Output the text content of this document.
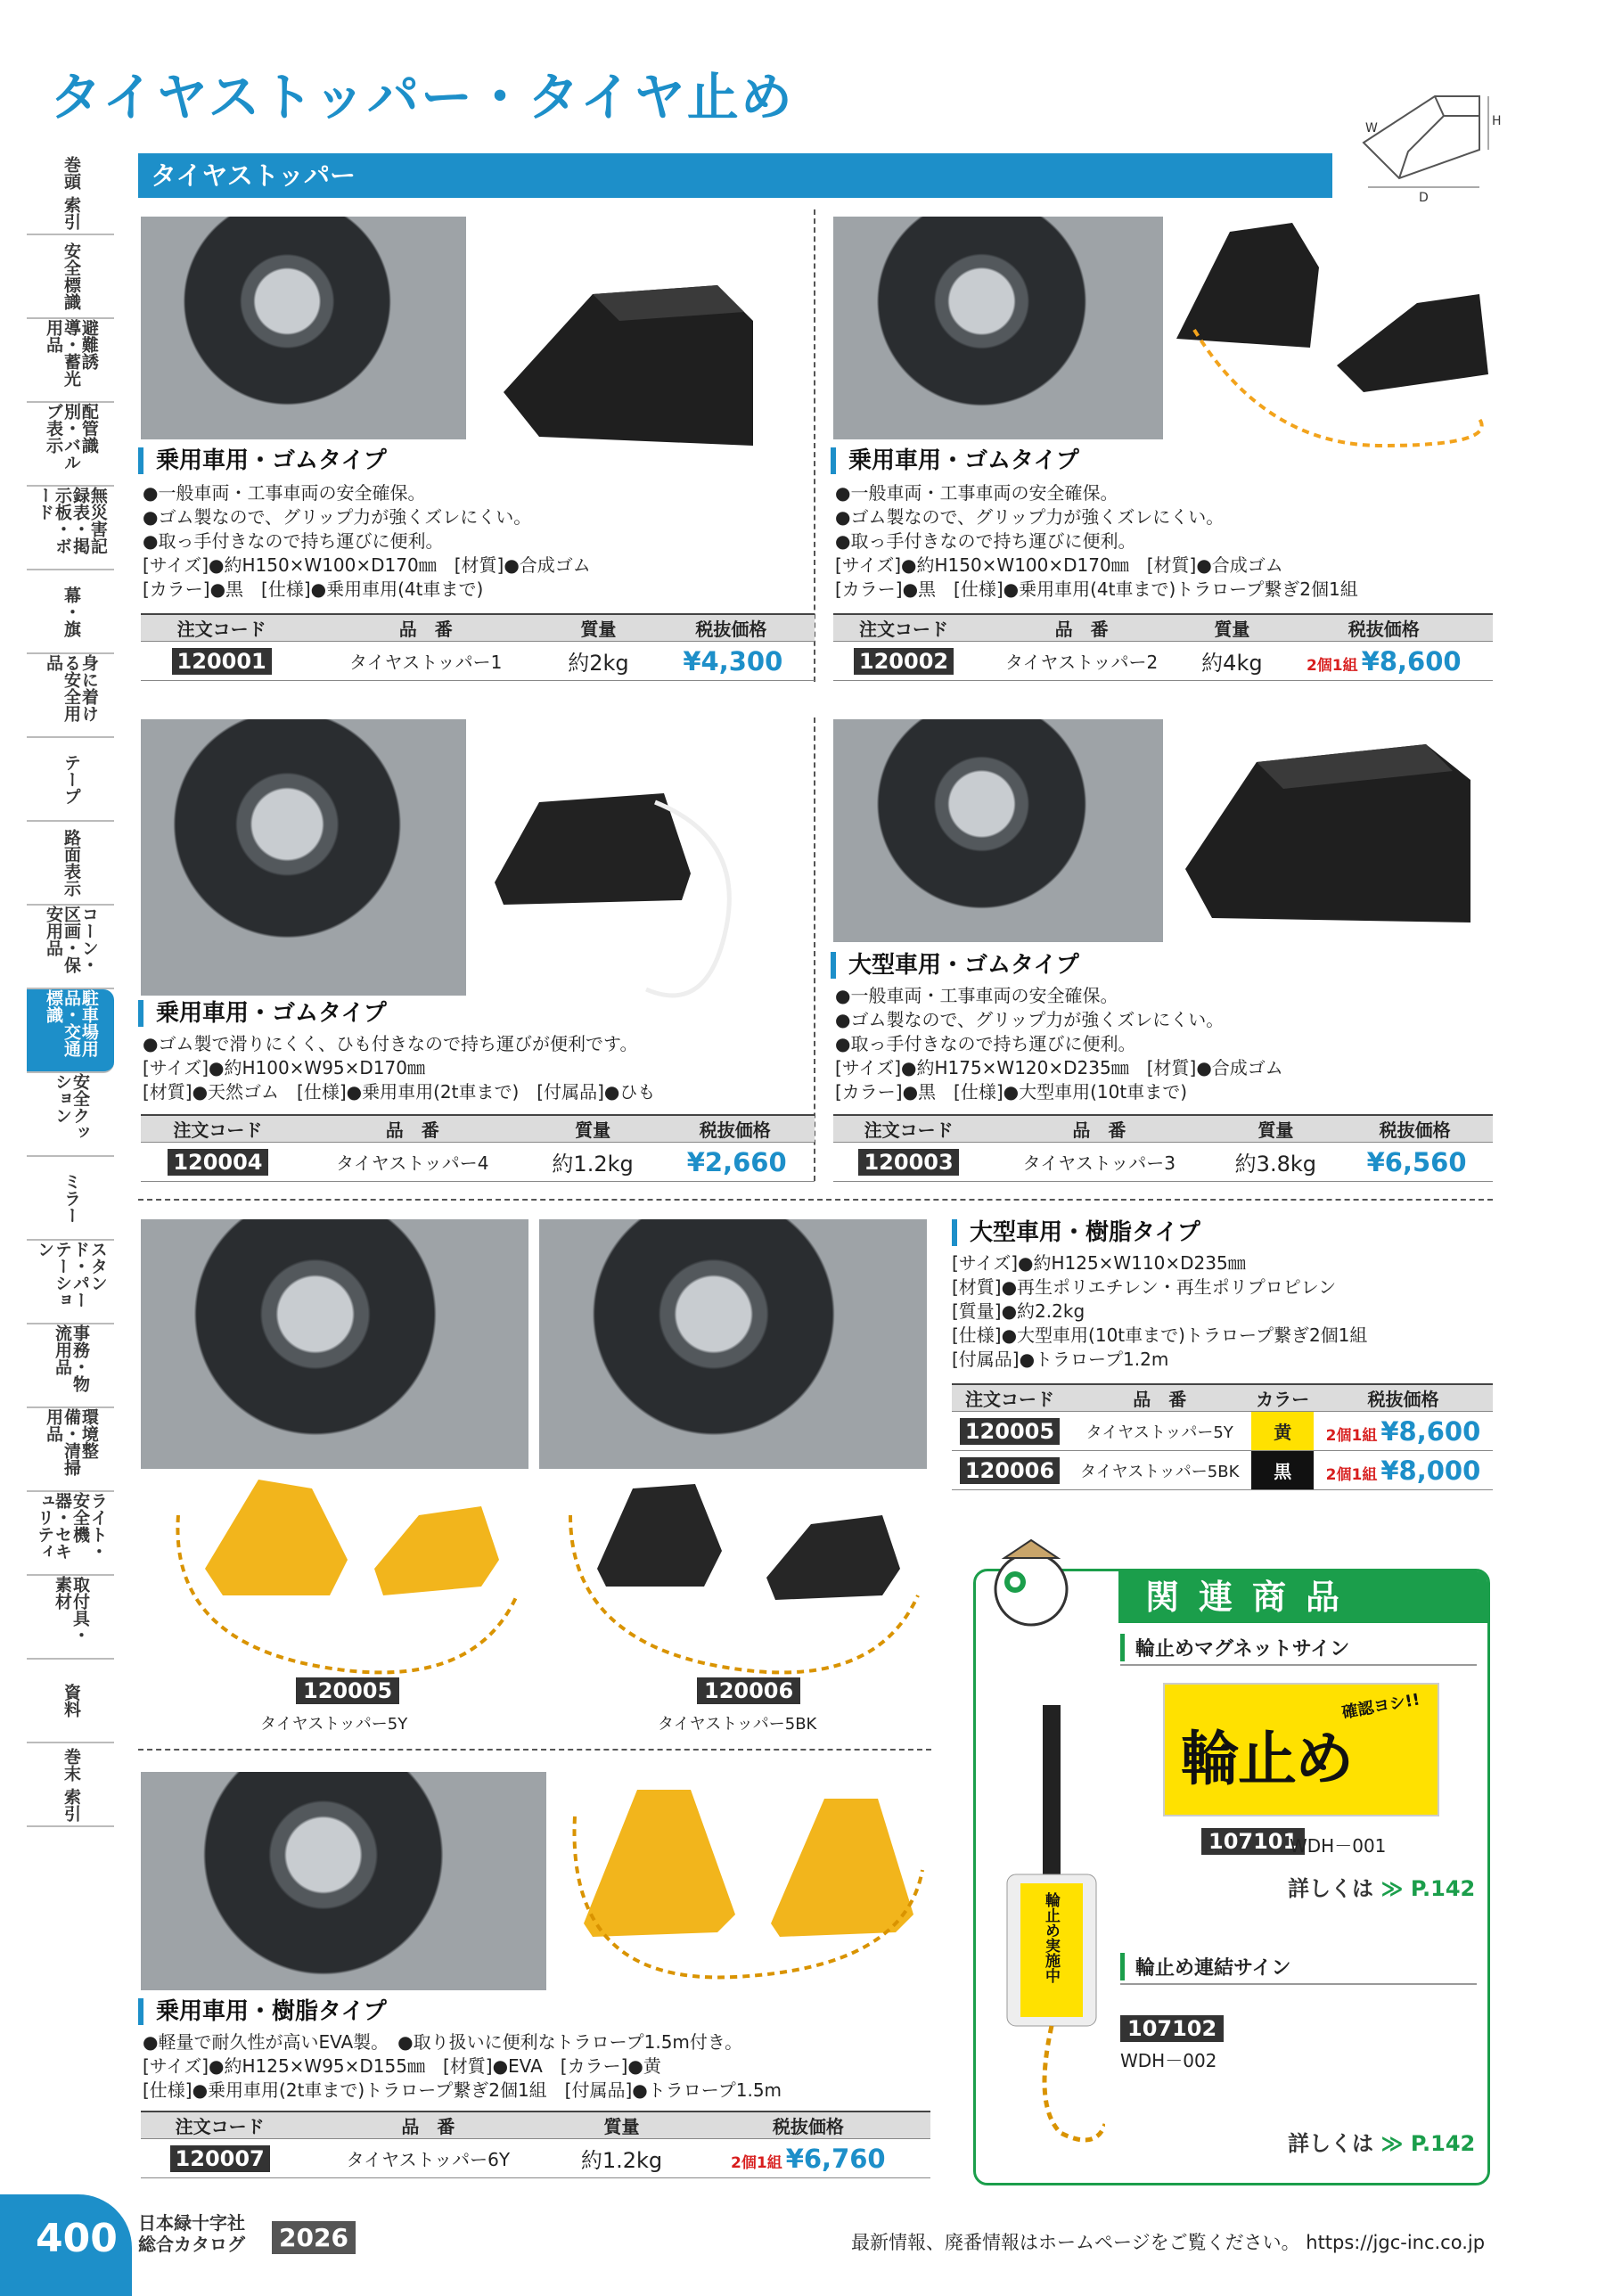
タイヤストッパー・タイヤ止め	H
D
W
巻頭 索引
安全標識
避難誘導・蓄光用品
配管識別・バルブ表示
無災害記録表・掲示板・ボード
幕・旗
身に着ける安全用品
テープ
路面表示
コーン・区画・保安用品
駐車場用品・交通標識
安全クッション
ミラー
スタンド・パーテーション
事務・物流用品
環境整備・清掃用品
ライト・安全機器・セキュリティ
取付具・素材
資料
巻末 索引
タイヤストッパー
乗用車用・ゴムタイプ
●一般車両・工事車両の安全確保。
●ゴム製なので、グリップ力が強くズレにくい。
●取っ手付きなので持ち運びに便利。
[サイズ]●約H150×W100×D170㎜　[材質]●合成ゴム
[カラー]●黒　[仕様]●乗用車用(4t車まで)
注文コード	品　番	質量	税抜価格
120001	タイヤストッパー1	約2kg	¥4,300
乗用車用・ゴムタイプ
●一般車両・工事車両の安全確保。
●ゴム製なので、グリップ力が強くズレにくい。
●取っ手付きなので持ち運びに便利。
[サイズ]●約H150×W100×D170㎜　[材質]●合成ゴム
[カラー]●黒　[仕様]●乗用車用(4t車まで)トラロープ繋ぎ2個1組
注文コード	品　番	質量	税抜価格
120002	タイヤストッパー2	約4kg	2個1組 ¥8,600
乗用車用・ゴムタイプ
●ゴム製で滑りにくく、ひも付きなので持ち運びが便利です。
[サイズ]●約H100×W95×D170㎜
[材質]●天然ゴム　[仕様]●乗用車用(2t車まで)　[付属品]●ひも
注文コード	品　番	質量	税抜価格
120004	タイヤストッパー4	約1.2kg	¥2,660
大型車用・ゴムタイプ
●一般車両・工事車両の安全確保。
●ゴム製なので、グリップ力が強くズレにくい。
●取っ手付きなので持ち運びに便利。
[サイズ]●約H175×W120×D235㎜　[材質]●合成ゴム
[カラー]●黒　[仕様]●大型車用(10t車まで)
注文コード	品　番	質量	税抜価格
120003	タイヤストッパー3	約3.8kg	¥6,560
120005
タイヤストッパー5Y
120006
タイヤストッパー5BK
大型車用・樹脂タイプ
[サイズ]●約H125×W110×D235㎜
[材質]●再生ポリエチレン・再生ポリプロピレン
[質量]●約2.2kg
[仕様]●大型車用(10t車まで)トラロープ繋ぎ2個1組
[付属品]●トラロープ1.2m
注文コード	品　番	カラー	税抜価格
120005	タイヤストッパー5Y	黄	2個1組 ¥8,600
120006	タイヤストッパー5BK	黒	2個1組 ¥8,000
乗用車用・樹脂タイプ
●軽量で耐久性が高いEVA製。　●取り扱いに便利なトラロープ1.5m付き。
[サイズ]●約H125×W95×D155㎜　[材質]●EVA　[カラー]●黄
[仕様]●乗用車用(2t車まで)トラロープ繋ぎ2個1組　[付属品]●トラロープ1.5m
注文コード	品　番	質量	税抜価格
120007	タイヤストッパー6Y	約1.2kg	2個1組 ¥6,760
関連商品
輪止めマグネットサイン
輪止め
確認ヨシ!!
107101
WDH－001
詳しくは ≫ P.142
輪止め実施中	輪止め連結サイン
107102
WDH－002
詳しくは ≫ P.142
400	日本緑十字社
総合カタログ 2026	最新情報、廃番情報はホームページをご覧ください。 https://jgc-inc.co.jp
